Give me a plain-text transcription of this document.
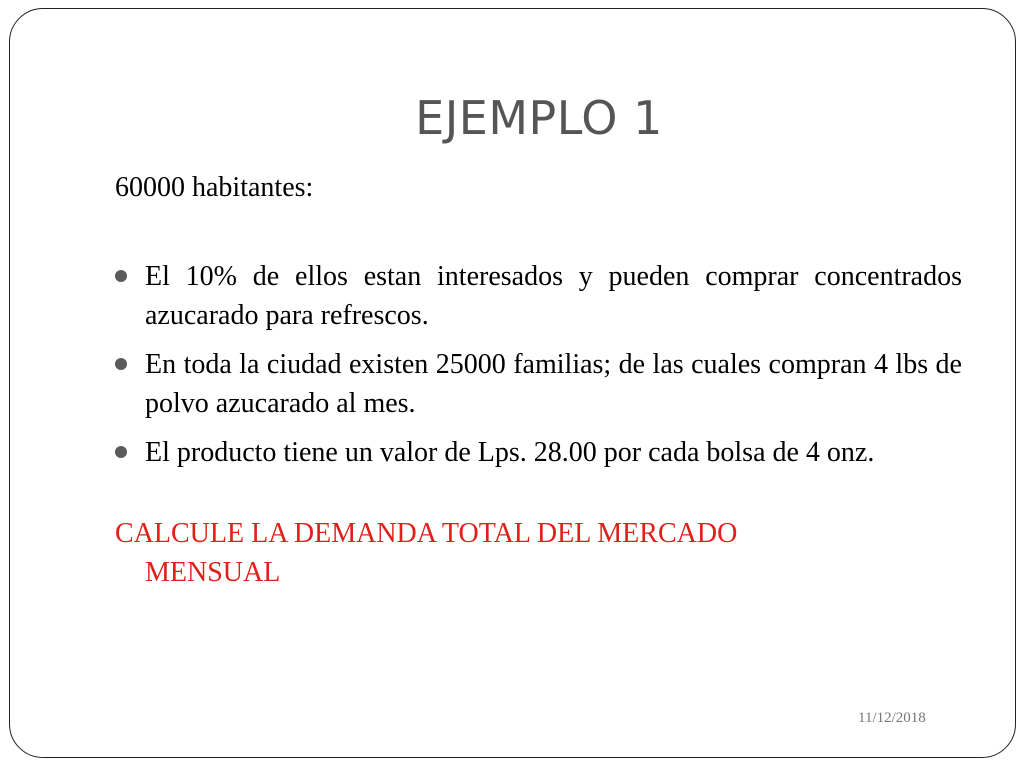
EJEMPLO 1

60000 habitantes:

El 10% de ellos estan interesados y pueden comprar concentrados azucarado para refrescos.
En toda la ciudad existen 25000 familias; de las cuales compran 4 lbs de polvo azucarado al mes.
El producto tiene un valor de Lps. 28.00 por cada bolsa de 4 onz.
CALCULE LA DEMANDA TOTAL DEL MERCADO
MENSUAL
11/12/2018
